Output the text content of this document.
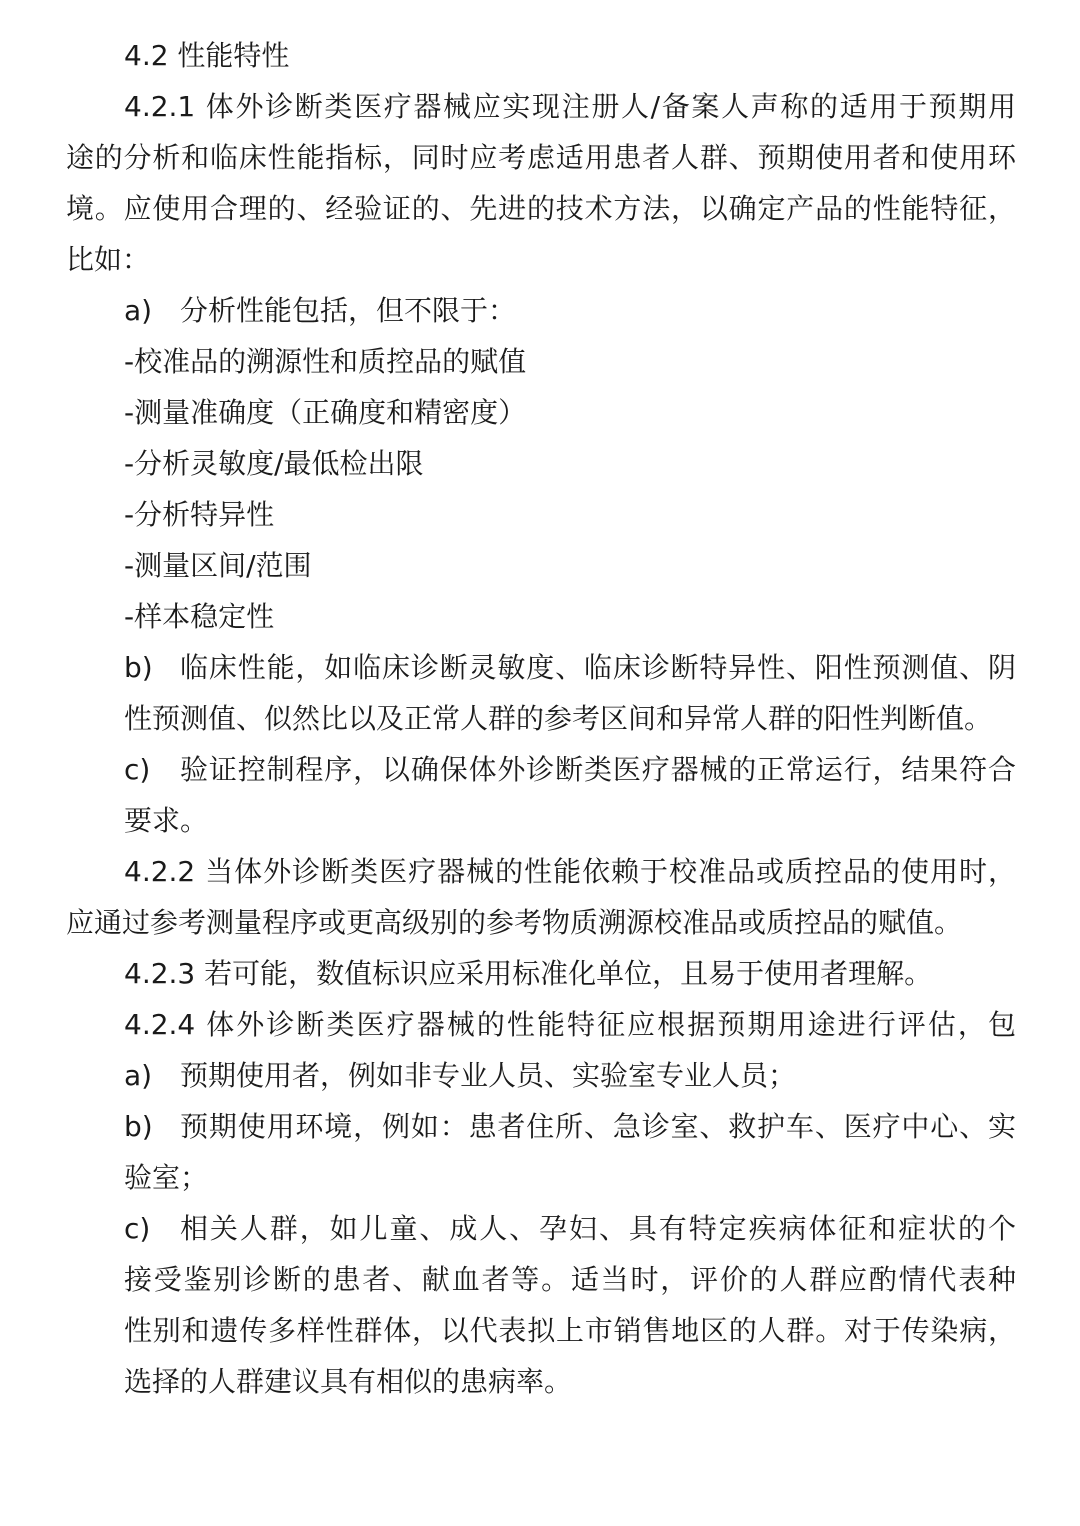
4.2 性能特性
4.2.1 体外诊断类医疗器械应实现注册人/备案人声称的适用于预期用
途的分析和临床性能指标，同时应考虑适用患者人群、预期使用者和使用环
境。应使用合理的、经验证的、先进的技术方法，以确定产品的性能特征，
比如：
a) 分析性能包括，但不限于：
-校准品的溯源性和质控品的赋值
-测量准确度（正确度和精密度）
-分析灵敏度/最低检出限
-分析特异性
-测量区间/范围
-样本稳定性
b) 临床性能，如临床诊断灵敏度、临床诊断特异性、阳性预测值、阴
性预测值、似然比以及正常人群的参考区间和异常人群的阳性判断值。
c) 验证控制程序，以确保体外诊断类医疗器械的正常运行，结果符合
要求。
4.2.2 当体外诊断类医疗器械的性能依赖于校准品或质控品的使用时，
应通过参考测量程序或更高级别的参考物质溯源校准品或质控品的赋值。
4.2.3 若可能，数值标识应采用标准化单位，且易于使用者理解。
4.2.4 体外诊断类医疗器械的性能特征应根据预期用途进行评估，包
a) 预期使用者，例如非专业人员、实验室专业人员；
b) 预期使用环境，例如：患者住所、急诊室、救护车、医疗中心、实
验室；
c) 相关人群，如儿童、成人、孕妇、具有特定疾病体征和症状的个
接受鉴别诊断的患者、献血者等。适当时，评价的人群应酌情代表种
性别和遗传多样性群体，以代表拟上市销售地区的人群。对于传染病，
选择的人群建议具有相似的患病率。
